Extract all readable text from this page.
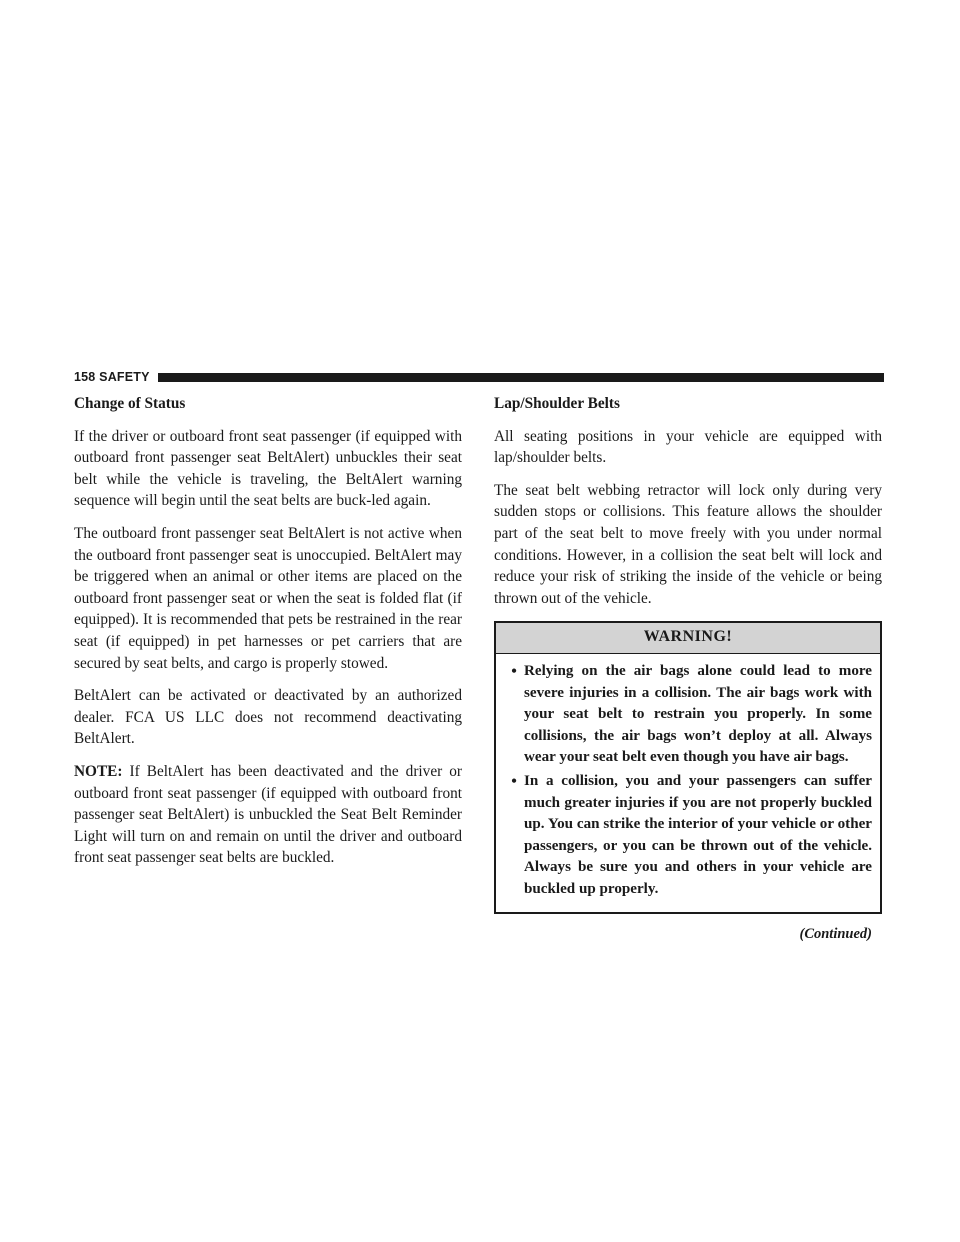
158 SAFETY
Change of Status

If the driver or outboard front seat passenger (if equipped with outboard front passenger seat BeltAlert) unbuckles their seat belt while the vehicle is traveling, the BeltAlert warning sequence will begin until the seat belts are buck-led again.

The outboard front passenger seat BeltAlert is not active when the outboard front passenger seat is unoccupied. BeltAlert may be triggered when an animal or other items are placed on the outboard front passenger seat or when the seat is folded flat (if equipped). It is recommended that pets be restrained in the rear seat (if equipped) in pet harnesses or pet carriers that are secured by seat belts, and cargo is properly stowed.

BeltAlert can be activated or deactivated by an authorized dealer. FCA US LLC does not recommend deactivating BeltAlert.

NOTE: If BeltAlert has been deactivated and the driver or outboard front seat passenger (if equipped with outboard front passenger seat BeltAlert) is unbuckled the Seat Belt Reminder Light will turn on and remain on until the driver and outboard front seat passenger seat belts are buckled.

Lap/Shoulder Belts

All seating positions in your vehicle are equipped with lap/shoulder belts.

The seat belt webbing retractor will lock only during very sudden stops or collisions. This feature allows the shoulder part of the seat belt to move freely with you under normal conditions. However, in a collision the seat belt will lock and reduce your risk of striking the inside of the vehicle or being thrown out of the vehicle.

WARNING!
• Relying on the air bags alone could lead to more severe injuries in a collision. The air bags work with your seat belt to restrain you properly. In some collisions, the air bags won’t deploy at all. Always wear your seat belt even though you have air bags.
• In a collision, you and your passengers can suffer much greater injuries if you are not properly buckled up. You can strike the interior of your vehicle or other passengers, or you can be thrown out of the vehicle. Always be sure you and others in your vehicle are buckled up properly.
(Continued)
